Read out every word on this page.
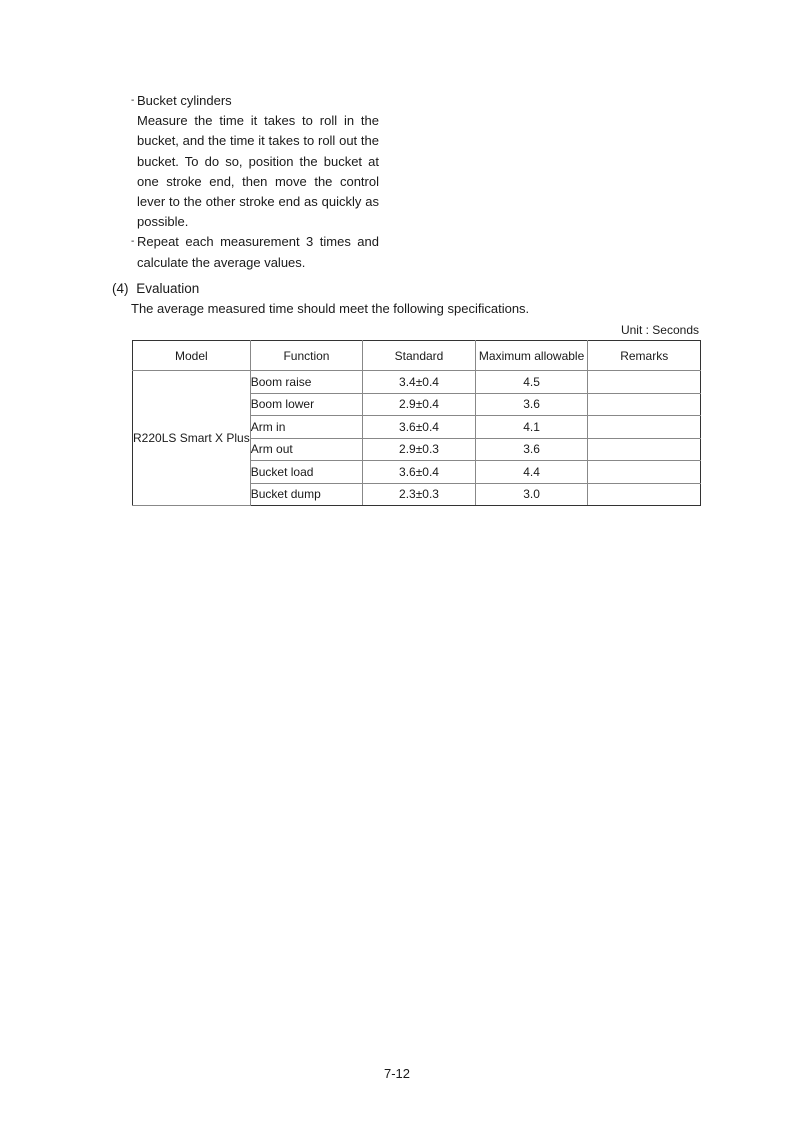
- Bucket cylinders
Measure the time it takes to roll in the bucket, and the time it takes to roll out the bucket. To do so, position the bucket at one stroke end, then move the control lever to the other stroke end as quickly as possible.
- Repeat each measurement 3 times and calculate the average values.
(4) Evaluation
The average measured time should meet the following specifications.
Unit : Seconds
Model	Function	Standard	Maximum allowable	Remarks
R220LS Smart X Plus	Boom raise	3.4±0.4	4.5	
	Boom lower	2.9±0.4	3.6	
	Arm in	3.6±0.4	4.1	
	Arm out	2.9±0.3	3.6	
	Bucket load	3.6±0.4	4.4	
	Bucket dump	2.3±0.3	3.0	
7-12
